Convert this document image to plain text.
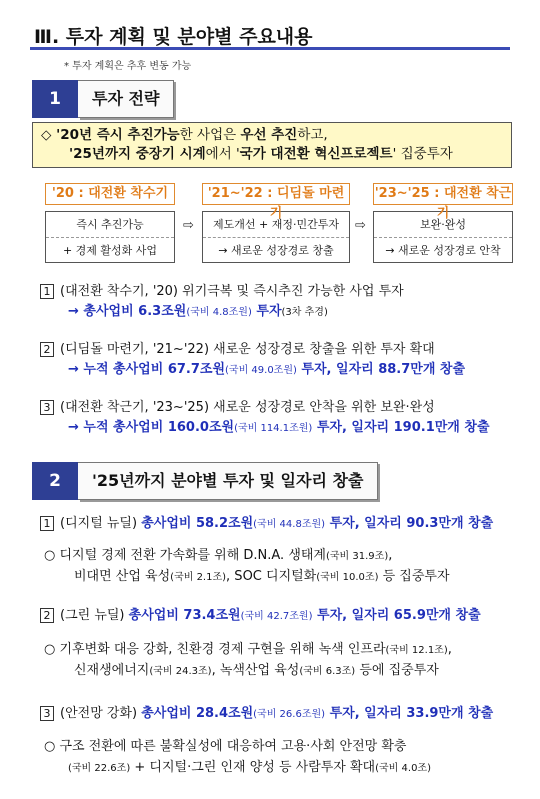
Ⅲ. 투자 계획 및 분야별 주요내용
* 투자 계획은 추후 변동 가능
1	투자 전략
◇ '20년 즉시 추진가능한 사업은 우선 추진하고,
'25년까지 중장기 시계에서 '국가 대전환 혁신프로젝트' 집중투자
'20 : 대전환 착수기
즉시 추진가능
+ 경제 활성화 사업
⇨
'21~'22 : 디딤돌 마련기
제도개선 + 재정·민간투자
→ 새로운 성장경로 창출
⇨
'23~'25 : 대전환 착근기
보완·완성
→ 새로운 성장경로 안착
1 (대전환 착수기, '20) 위기극복 및 즉시추진 가능한 사업 투자
→ 총사업비 6.3조원(국비 4.8조원) 투자(3차 추경)
2 (디딤돌 마련기, '21~'22) 새로운 성장경로 창출을 위한 투자 확대
→ 누적 총사업비 67.7조원(국비 49.0조원) 투자, 일자리 88.7만개 창출
3 (대전환 착근기, '23~'25) 새로운 성장경로 안착을 위한 보완·완성
→ 누적 총사업비 160.0조원(국비 114.1조원) 투자, 일자리 190.1만개 창출
2	'25년까지 분야별 투자 및 일자리 창출
1 (디지털 뉴딜) 총사업비 58.2조원(국비 44.8조원) 투자, 일자리 90.3만개 창출
○ 디지털 경제 전환 가속화를 위해 D.N.A. 생태계(국비 31.9조),
비대면 산업 육성(국비 2.1조), SOC 디지털화(국비 10.0조) 등 집중투자
2 (그린 뉴딜) 총사업비 73.4조원(국비 42.7조원) 투자, 일자리 65.9만개 창출
○ 기후변화 대응 강화, 친환경 경제 구현을 위해 녹색 인프라(국비 12.1조),
신재생에너지(국비 24.3조), 녹색산업 육성(국비 6.3조) 등에 집중투자
3 (안전망 강화) 총사업비 28.4조원(국비 26.6조원) 투자, 일자리 33.9만개 창출
○ 구조 전환에 따른 불확실성에 대응하여 고용·사회 안전망 확충
(국비 22.6조) + 디지털·그린 인재 양성 등 사람투자 확대(국비 4.0조)
